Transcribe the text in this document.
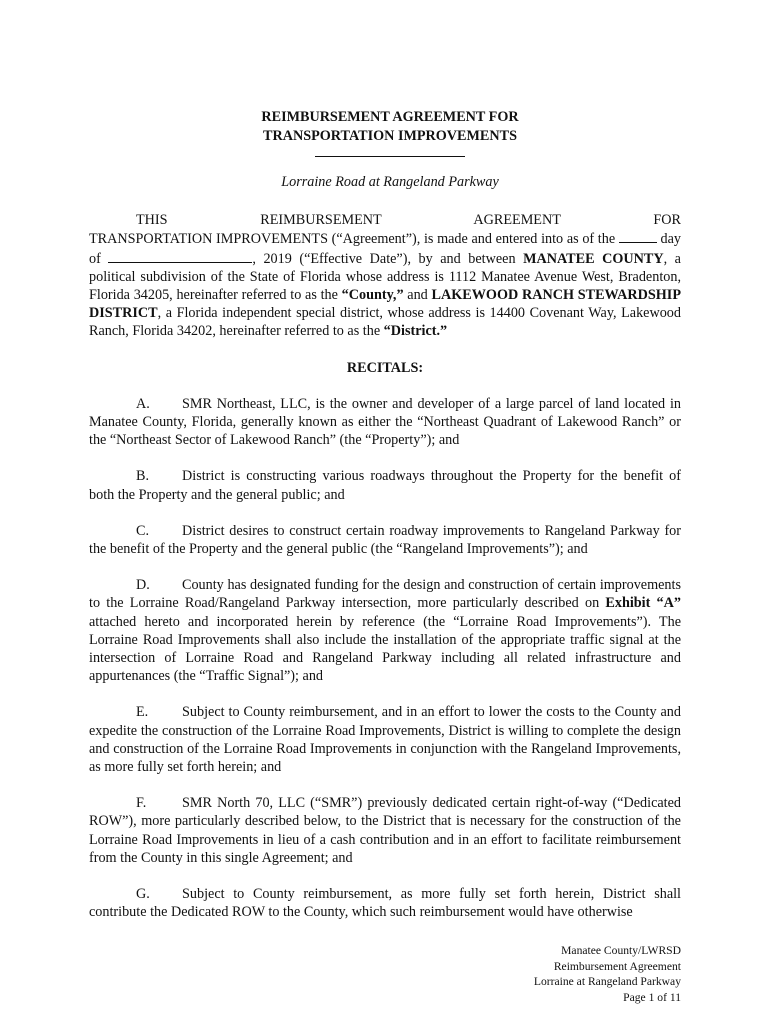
REIMBURSEMENT AGREEMENT FOR
TRANSPORTATION IMPROVEMENTS
Lorraine Road at Rangeland Parkway

THIS REIMBURSEMENT AGREEMENT FOR TRANSPORTATION IMPROVEMENTS (“Agreement”), is made and entered into as of the	day of	, 2019 (“Effective Date”), by and between MANATEE COUNTY, a political subdivision of the State of Florida whose address is 1112 Manatee Avenue West, Bradenton, Florida 34205, hereinafter referred to as the “County,” and LAKEWOOD RANCH STEWARDSHIP DISTRICT, a Florida independent special district, whose address is 14400 Covenant Way, Lakewood Ranch, Florida 34202, hereinafter referred to as the “District.”

RECITALS:

A. SMR Northeast, LLC, is the owner and developer of a large parcel of land located in Manatee County, Florida, generally known as either the “Northeast Quadrant of Lakewood Ranch” or the “Northeast Sector of Lakewood Ranch” (the “Property”); and

B. District is constructing various roadways throughout the Property for the benefit of both the Property and the general public; and

C. District desires to construct certain roadway improvements to Rangeland Parkway for the benefit of the Property and the general public (the “Rangeland Improvements”); and

D. County has designated funding for the design and construction of certain improvements to the Lorraine Road/Rangeland Parkway intersection, more particularly described on Exhibit “A” attached hereto and incorporated herein by reference (the “Lorraine Road Improvements”). The Lorraine Road Improvements shall also include the installation of the appropriate traffic signal at the intersection of Lorraine Road and Rangeland Parkway including all related infrastructure and appurtenances (the “Traffic Signal”); and

E. Subject to County reimbursement, and in an effort to lower the costs to the County and expedite the construction of the Lorraine Road Improvements, District is willing to complete the design and construction of the Lorraine Road Improvements in conjunction with the Rangeland Improvements, as more fully set forth herein; and

F.	SMR North 70, LLC (“SMR”) previously dedicated certain right-of-way (“Dedicated ROW”), more particularly described below, to the District that is necessary for the construction of the Lorraine Road Improvements in lieu of a cash contribution and in an effort to facilitate reimbursement from the County in this single Agreement; and

G. Subject to County reimbursement, as more fully set forth herein, District shall contribute the Dedicated ROW to the County, which such reimbursement would have otherwise

Manatee County/LWRSD
Reimbursement Agreement
Lorraine at Rangeland Parkway
Page 1 of 11
